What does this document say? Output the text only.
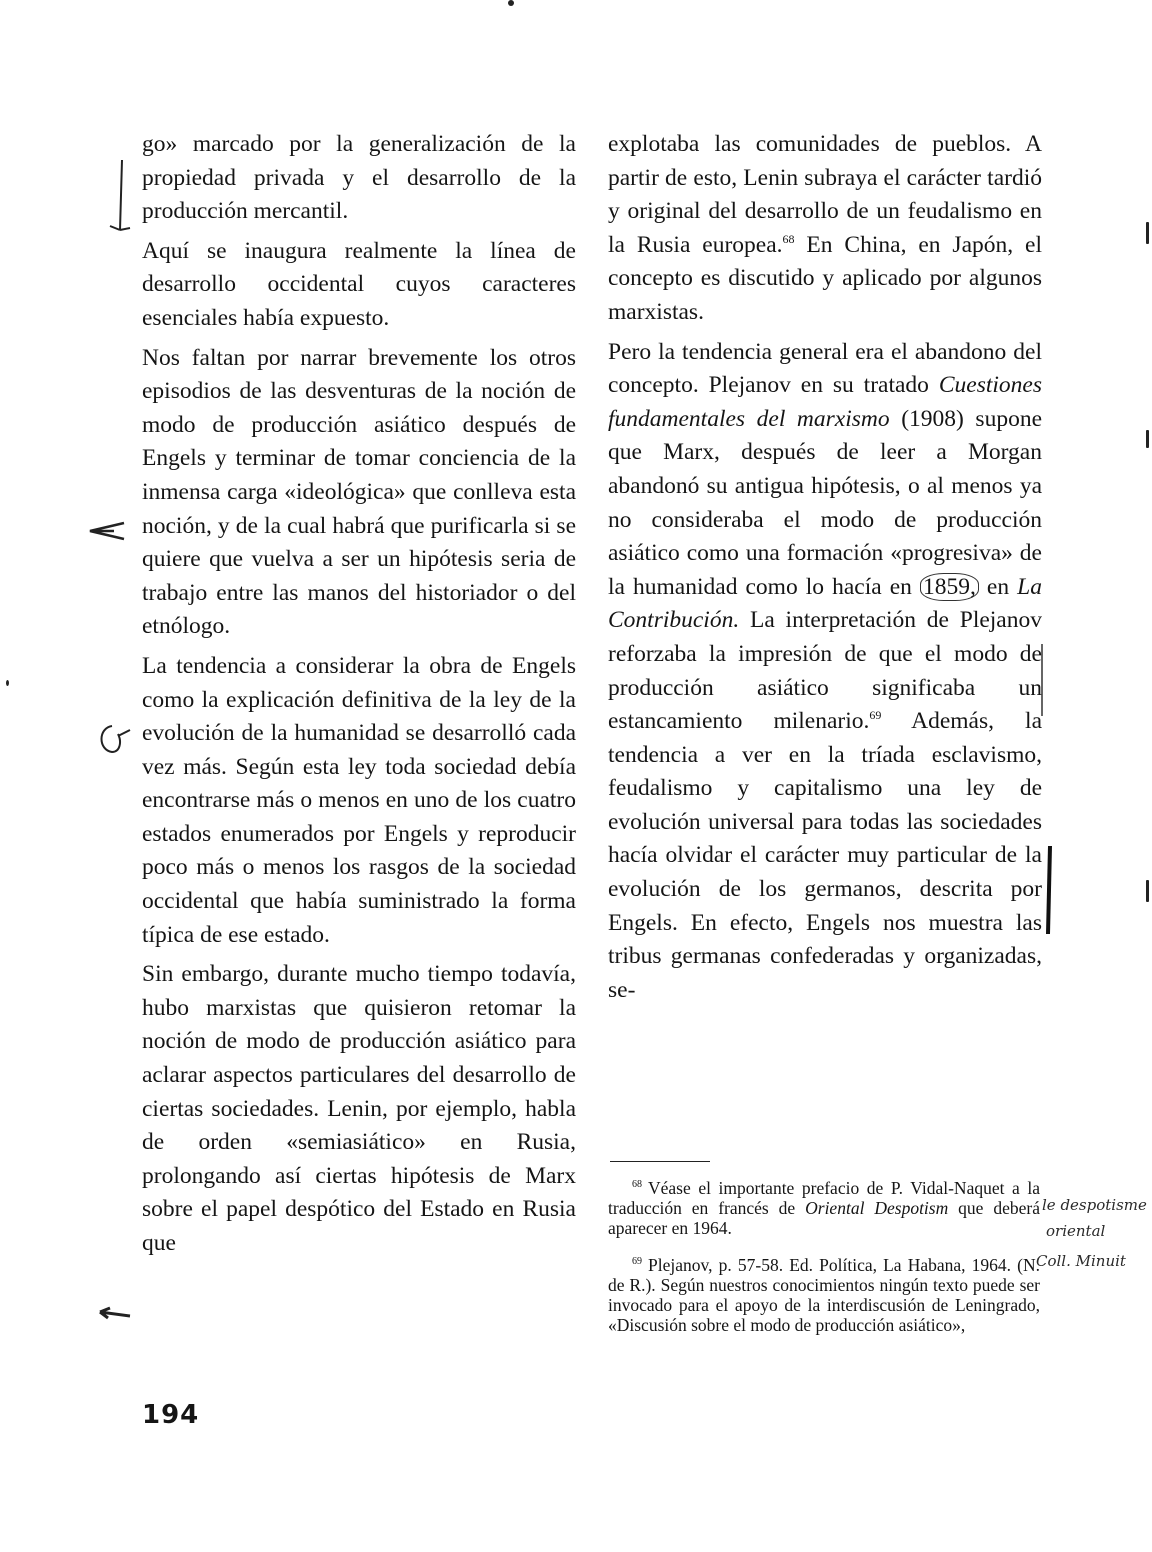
go» marcado por la generalización de la propiedad privada y el desarrollo de la producción mercantil.

Aquí se inaugura realmente la línea de desarrollo occidental cuyos caracteres esenciales había expuesto.

Nos faltan por narrar brevemente los otros episodios de las desventuras de la noción de modo de producción asiático después de Engels y terminar de tomar conciencia de la inmensa carga «ideológica» que conlleva esta noción, y de la cual habrá que purificarla si se quiere que vuelva a ser un hipótesis seria de trabajo entre las manos del historiador o del etnólogo.

La tendencia a considerar la obra de Engels como la explicación definitiva de la ley de la evolución de la humanidad se desarrolló cada vez más. Según esta ley toda sociedad debía encontrarse más o menos en uno de los cuatro estados enumerados por Engels y reproducir poco más o menos los rasgos de la sociedad occidental que había suministrado la forma típica de ese estado.

Sin embargo, durante mucho tiempo todavía, hubo marxistas que quisieron retomar la noción de modo de producción asiático para aclarar aspectos particulares del desarrollo de ciertas sociedades. Lenin, por ejemplo, habla de orden «semiasiático» en Rusia, prolongando así ciertas hipótesis de Marx sobre el papel despótico del Estado en Rusia que

explotaba las comunidades de pueblos. A partir de esto, Lenin subraya el carácter tardió y original del desarrollo de un feudalismo en la Rusia europea.$^{68}$ En China, en Japón, el concepto es discutido y aplicado por algunos marxistas.

Pero la tendencia general era el abandono del concepto. Plejanov en su tratado Cuestiones fundamentales del marxismo (1908) supone que Marx, después de leer a Morgan abandonó su antigua hipótesis, o al menos ya no consideraba el modo de producción asiático como una formación «progresiva» de la humanidad como lo hacía en 1859, en La Contribución. La interpretación de Plejanov reforzaba la impresión de que el modo de producción asiático significaba un estancamiento milenario.$^{69}$ Además, la tendencia a ver en la tríada esclavismo, feudalismo y capitalismo una ley de evolución universal para todas las sociedades hacía olvidar el carácter muy particular de la evolución de los germanos, descrita por Engels. En efecto, Engels nos muestra las tribus germanas confederadas y organizadas, se-

$^{68}$ Véase el importante prefacio de P. Vidal-Naquet a la traducción en francés de Oriental Despotism que deberá aparecer en 1964.

$^{69}$ Plejanov, p. 57-58. Ed. Política, La Habana, 1964. (N. de R.). Según nuestros conocimientos ningún texto puede ser invocado para el apoyo de la interdiscusión de Leningrado, «Discusión sobre el modo de producción asiático»,

194
le despotisme
oriental
Coll. Minuit
